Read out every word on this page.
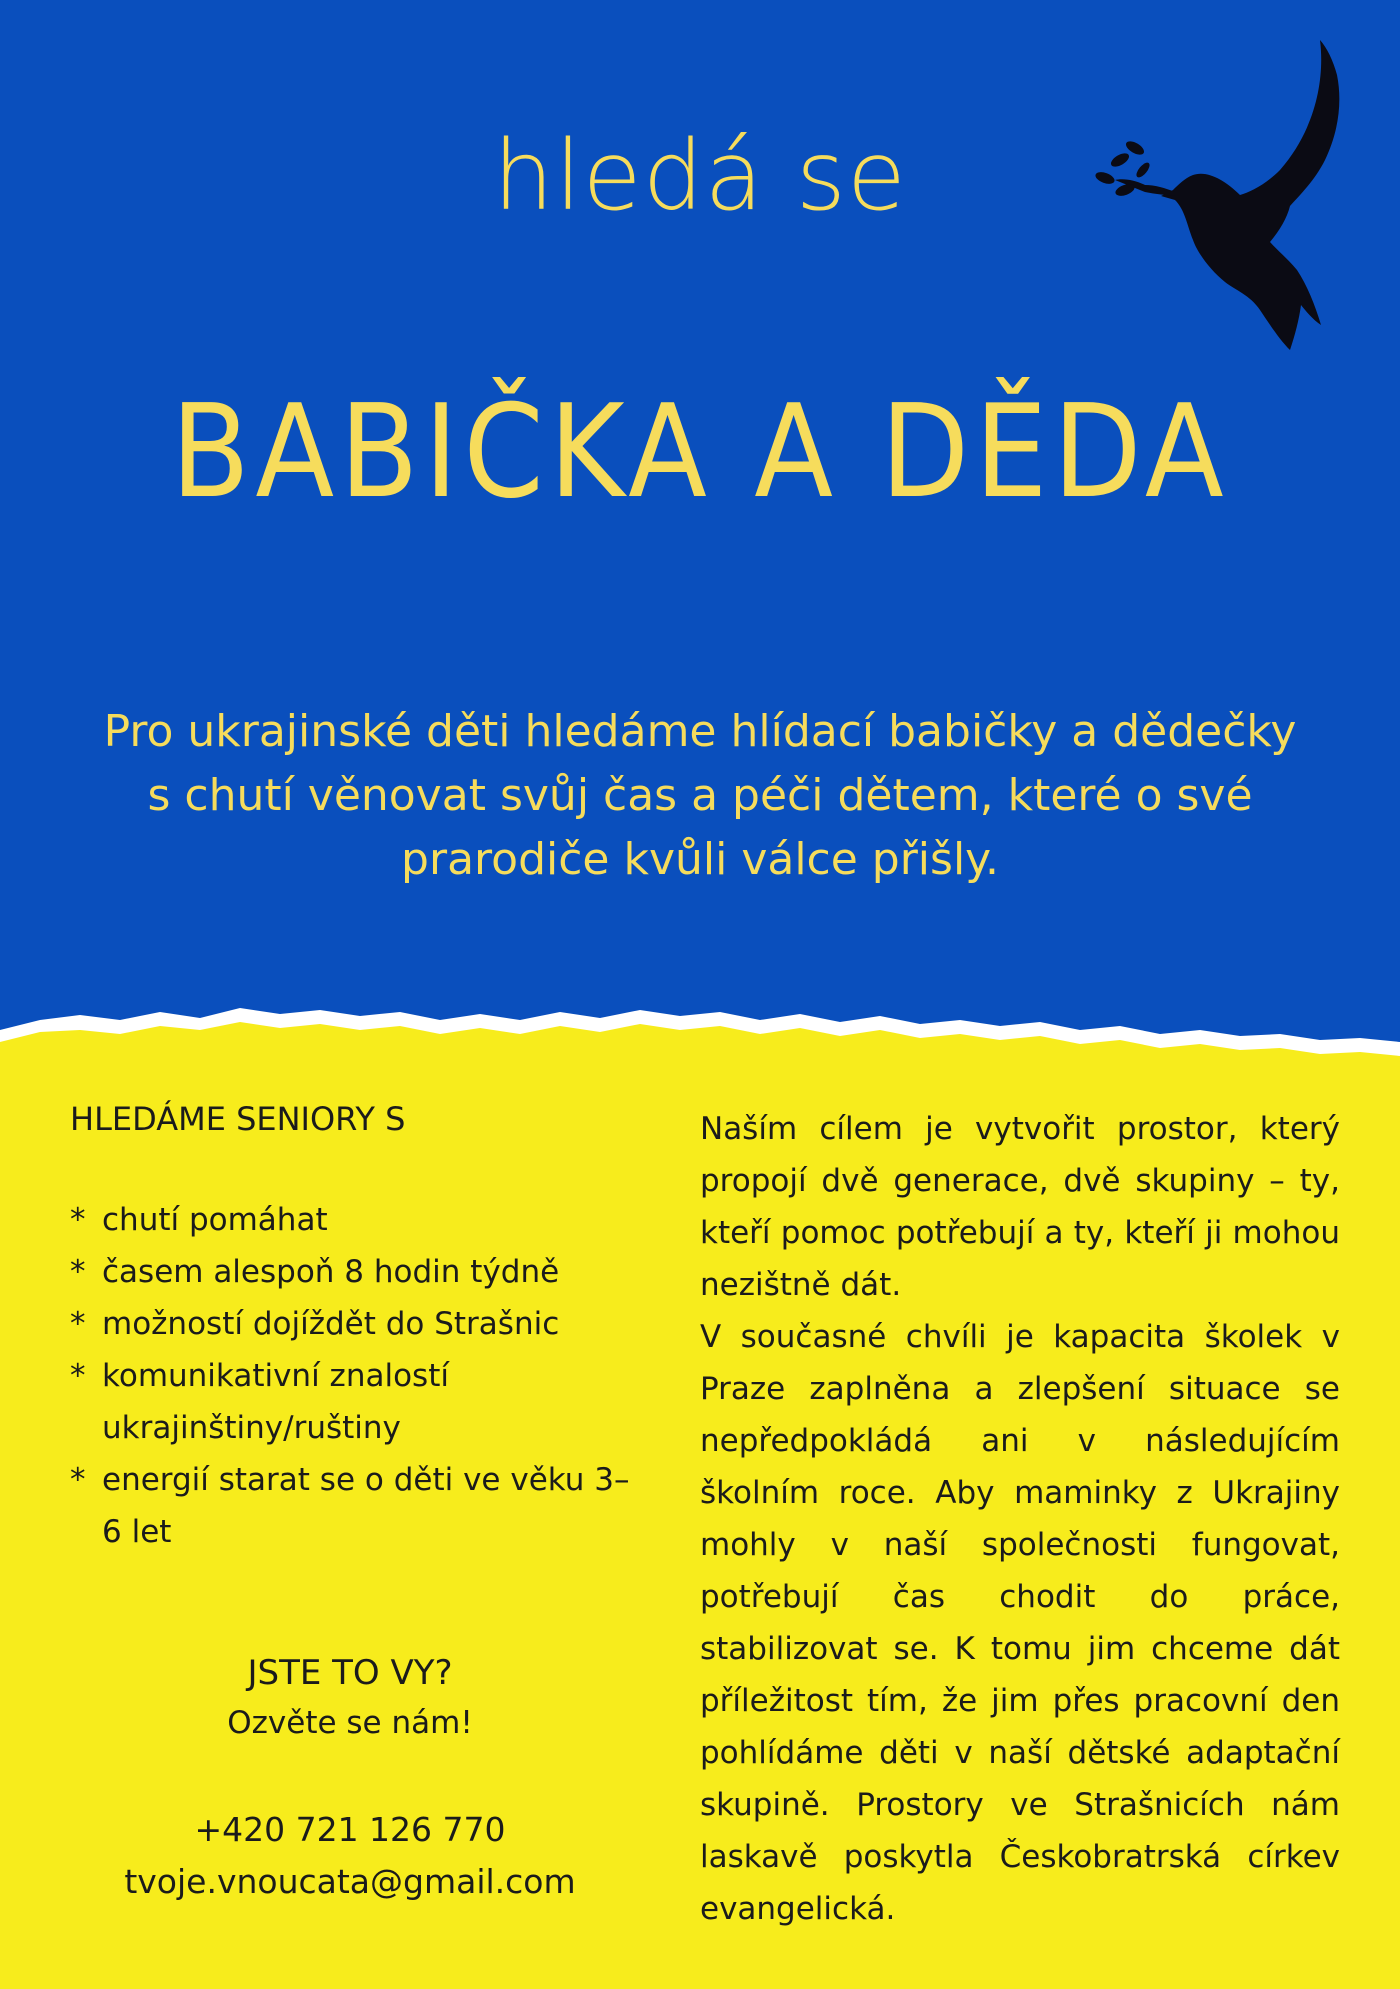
hledá se
BABIČKA A DĚDA
Pro ukrajinské děti hledáme hlídací babičky a dědečky
s chutí věnovat svůj čas a péči dětem, které o své
prarodiče kvůli válce přišly.
HLEDÁME SENIORY S
* chutí pomáhat
* časem alespoň 8 hodin týdně
* možností dojíždět do Strašnic
* komunikativní znalostí ukrajinštiny/ruštiny
* energií starat se o děti ve věku 3–6 let
JSTE TO VY?
Ozvěte se nám!
+420 721 126 770
tvoje.vnoucata@gmail.com

Naším cílem je vytvořit prostor, který propojí dvě generace, dvě skupiny – ty, kteří pomoc potřebují a ty, kteří ji mohou nezištně dát.

V současné chvíli je kapacita školek v Praze zaplněna a zlepšení situace se nepředpokládá ani v následujícím školním roce. Aby maminky z Ukrajiny mohly v naší společnosti fungovat, potřebují čas chodit do práce, stabilizovat se. K tomu jim chceme dát příležitost tím, že jim přes pracovní den pohlídáme děti v naší dětské adaptační skupině. Prostory ve Strašnicích nám laskavě poskytla Českobratrská církev evangelická.
